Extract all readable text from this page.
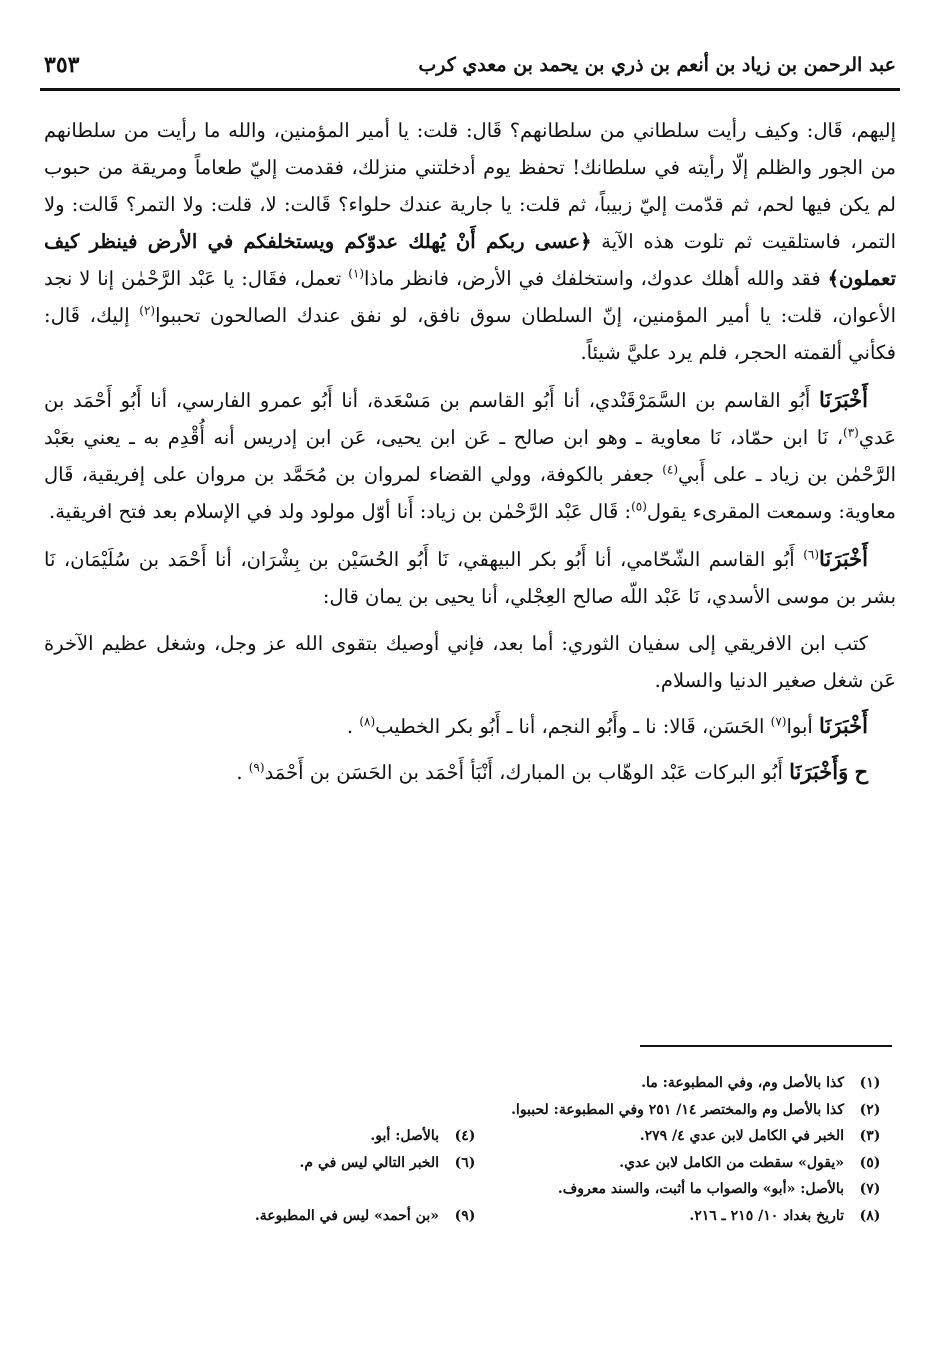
عبد الرحمن بن زياد بن أنعم بن ذري بن يحمد بن معدي كرب
٣٥٣

إليهم، قَال: وكيف رأيت سلطاني من سلطانهم؟ قَال: قلت: يا أمير المؤمنين، والله ما رأيت من سلطانهم من الجور والظلم إلّا رأيته في سلطانك! تحفظ يوم أدخلتني منزلك، فقدمت إليّ طعاماً ومريقة من حبوب لم يكن فيها لحم، ثم قدّمت إليّ زبيباً، ثم قلت: يا جارية عندك حلواء؟ قَالت: لا، قلت: ولا التمر؟ قَالت: ولا التمر، فاستلقيت ثم تلوت هذه الآية ﴿عسى ربكم أَنْ يُهلك عدوّكم ويستخلفكم في الأرض فينظر كيف تعملون﴾ فقد والله أهلك عدوك، واستخلفك في الأرض، فانظر ماذا$^{(١)}$ تعمل، فقَال: يا عَبْد الرَّحْمٰن إنا لا نجد الأعوان، قلت: يا أمير المؤمنين، إنّ السلطان سوق نافق، لو نفق عندك الصالحون تحببوا$^{(٢)}$ إليك، قَال: فكأني ألقمته الحجر، فلم يرد عليَّ شيئاً.

أَخْبَرَنَا أَبُو القاسم بن السَّمَرْقَنْدي، أنا أَبُو القاسم بن مَسْعَدة، أنا أَبُو عمرو الفارسي، أنا أَبُو أَحْمَد بن عَدي$^{(٣)}$، نَا ابن حمّاد، نَا معاوية ـ وهو ابن صالح ـ عَن ابن يحيى، عَن ابن إدريس أنه أُقْدِم به ـ يعني بعَبْد الرَّحْمٰن بن زياد ـ على أَبي$^{(٤)}$ جعفر بالكوفة، وولي القضاء لمروان بن مُحَمَّد بن مروان على إفريقية، قَال معاوية: وسمعت المقرىء يقول$^{(٥)}$: قَال عَبْد الرَّحْمٰن بن زياد: أَنا أوّل مولود ولد في الإسلام بعد فتح افريقية.

أَخْبَرَنَا$^{(٦)}$ أَبُو القاسم الشّحّامي، أنا أَبُو بكر البيهقي، نَا أَبُو الحُسَيْن بن بِشْرَان، أنا أَحْمَد بن سُلَيْمَان، نَا بشر بن موسى الأسدي، نَا عَبْد اللّه صالح العِجْلي، أنا يحيى بن يمان قال:

كتب ابن الافريقي إلى سفيان الثوري: أما بعد، فإني أوصيك بتقوى الله عز وجل، وشغل عظيم الآخرة عَن شغل صغير الدنيا والسلام.

أَخْبَرَنَا أبوا$^{(٧)}$ الحَسَن، قَالا: نا ـ وأَبُو النجم، أنا ـ أَبُو بكر الخطيب$^{(٨)}$ .

ح وَأَخْبَرَنَا أَبُو البركات عَبْد الوهّاب بن المبارك، أَنْبَأ أَحْمَد بن الحَسَن بن أَحْمَد$^{(٩)}$ .

(١)
كذا بالأصل وم، وفي المطبوعة: ما.
(٢)
كذا بالأصل وم والمختصر ١٤/ ٢٥١ وفي المطبوعة: لحببوا.
(٣)
الخبر في الكامل لابن عدي ٤/ ٢٧٩.
(٤)
بالأصل: أبو.
(٥)
«يقول» سقطت من الكامل لابن عدي.
(٦)
الخبر التالي ليس في م.
(٧)
بالأصل: «أبو» والصواب ما أثبت، والسند معروف.
(٨)
تاريخ بغداد ١٠/ ٢١٥ ـ ٢١٦.
(٩)
«بن أحمد» ليس في المطبوعة.
